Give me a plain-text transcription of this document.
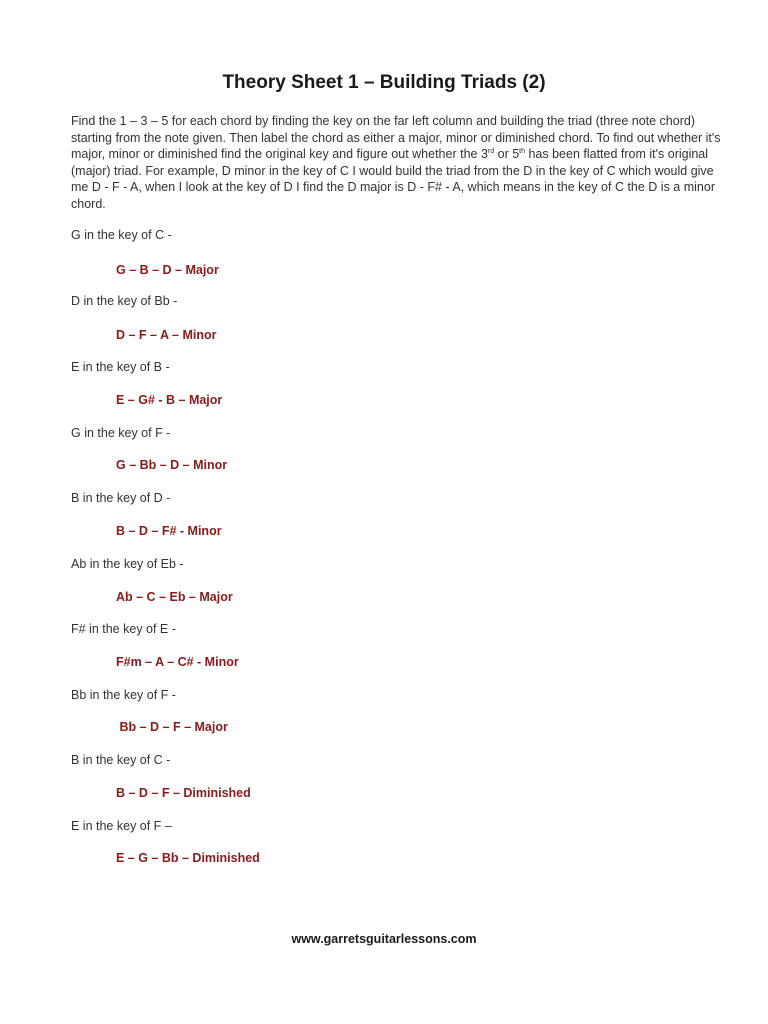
Theory Sheet 1 – Building Triads (2)

Find the 1 – 3 – 5 for each chord by finding the key on the far left column and building the triad (three note chord) starting from the note given. Then label the chord as either a major, minor or diminished chord. To find out whether it's major, minor or diminished find the original key and figure out whether the 3rd or 5th has been flatted from it's original (major) triad. For example, D minor in the key of C I would build the triad from the D in the key of C which would give me D - F - A, when I look at the key of D I find the D major is D - F# - A, which means in the key of C the D is a minor chord.

G in the key of C -

G – B – D – Major

D in the key of Bb -

D – F – A – Minor

E in the key of B -

E – G# - B – Major

G in the key of F -

G – Bb – D – Minor

B in the key of D -

B – D – F# - Minor

Ab in the key of Eb -

Ab – C – Eb – Major

F# in the key of E -

F#m – A – C# - Minor

Bb in the key of F -

Bb – D – F – Major

B in the key of C -

B – D – F – Diminished

E in the key of F –

E – G – Bb – Diminished

www.garretsguitarlessons.com
